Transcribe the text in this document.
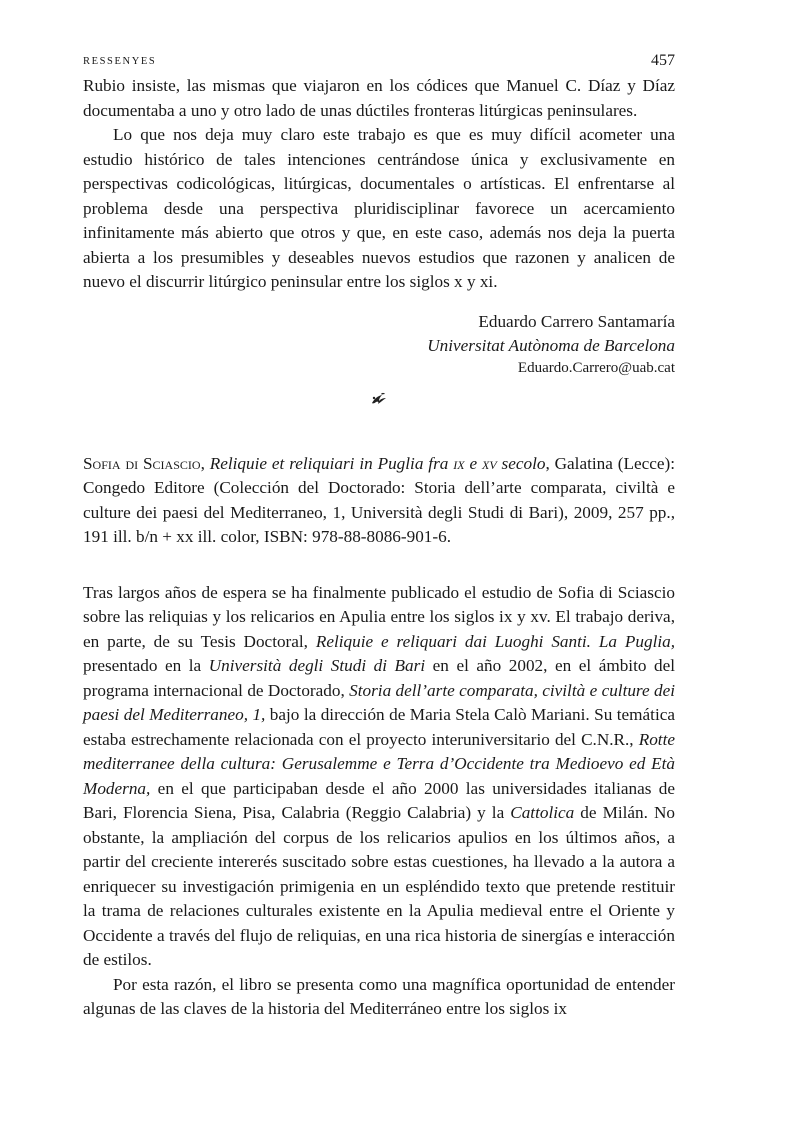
RESSENYES	457

Rubio insiste, las mismas que viajaron en los códices que Manuel C. Díaz y Díaz documentaba a uno y otro lado de unas dúctiles fronteras litúrgicas peninsulares.

Lo que nos deja muy claro este trabajo es que es muy difícil acometer una estudio histórico de tales intenciones centrándose única y exclusivamente en perspectivas codicológicas, litúrgicas, documentales o artísticas. El enfrentarse al problema desde una perspectiva pluridisciplinar favorece un acercamiento infinitamente más abierto que otros y que, en este caso, además nos deja la puerta abierta a los presumibles y deseables nuevos estudios que razonen y analicen de nuevo el discurrir litúrgico peninsular entre los siglos x y xi.

Eduardo Carrero Santamaría
Universitat Autònoma de Barcelona
Eduardo.Carrero@uab.cat

Sofia di Sciascio, Reliquie et reliquiari in Puglia fra ix e xv secolo, Galatina (Lecce): Congedo Editore (Colección del Doctorado: Storia dell’arte comparata, civiltà e culture dei paesi del Mediterraneo, 1, Università degli Studi di Bari), 2009, 257 pp., 191 ill. b/n + xx ill. color, ISBN: 978-88-8086-901-6.

Tras largos años de espera se ha finalmente publicado el estudio de Sofia di Sciascio sobre las reliquias y los relicarios en Apulia entre los siglos ix y xv. El trabajo deriva, en parte, de su Tesis Doctoral, Reliquie e reliquari dai Luoghi Santi. La Puglia, presentado en la Università degli Studi di Bari en el año 2002, en el ámbito del programa internacional de Doctorado, Storia dell’arte comparata, civiltà e culture dei paesi del Mediterraneo, 1, bajo la dirección de Maria Stela Calò Mariani. Su temática estaba estrechamente relacionada con el proyecto interuniversitario del C.N.R., Rotte mediterranee della cultura: Gerusalemme e Terra d’Occidente tra Medioevo ed Età Moderna, en el que participaban desde el año 2000 las universidades italianas de Bari, Florencia Siena, Pisa, Calabria (Reggio Calabria) y la Cattolica de Milán. No obstante, la ampliación del corpus de los relicarios apulios en los últimos años, a partir del creciente intererés suscitado sobre estas cuestiones, ha llevado a la autora a enriquecer su investigación primigenia en un espléndido texto que pretende restituir la trama de relaciones culturales existente en la Apulia medieval entre el Oriente y Occidente a través del flujo de reliquias, en una rica historia de sinergías e interacción de estilos.

Por esta razón, el libro se presenta como una magnífica oportunidad de entender algunas de las claves de la historia del Mediterráneo entre los siglos ix
